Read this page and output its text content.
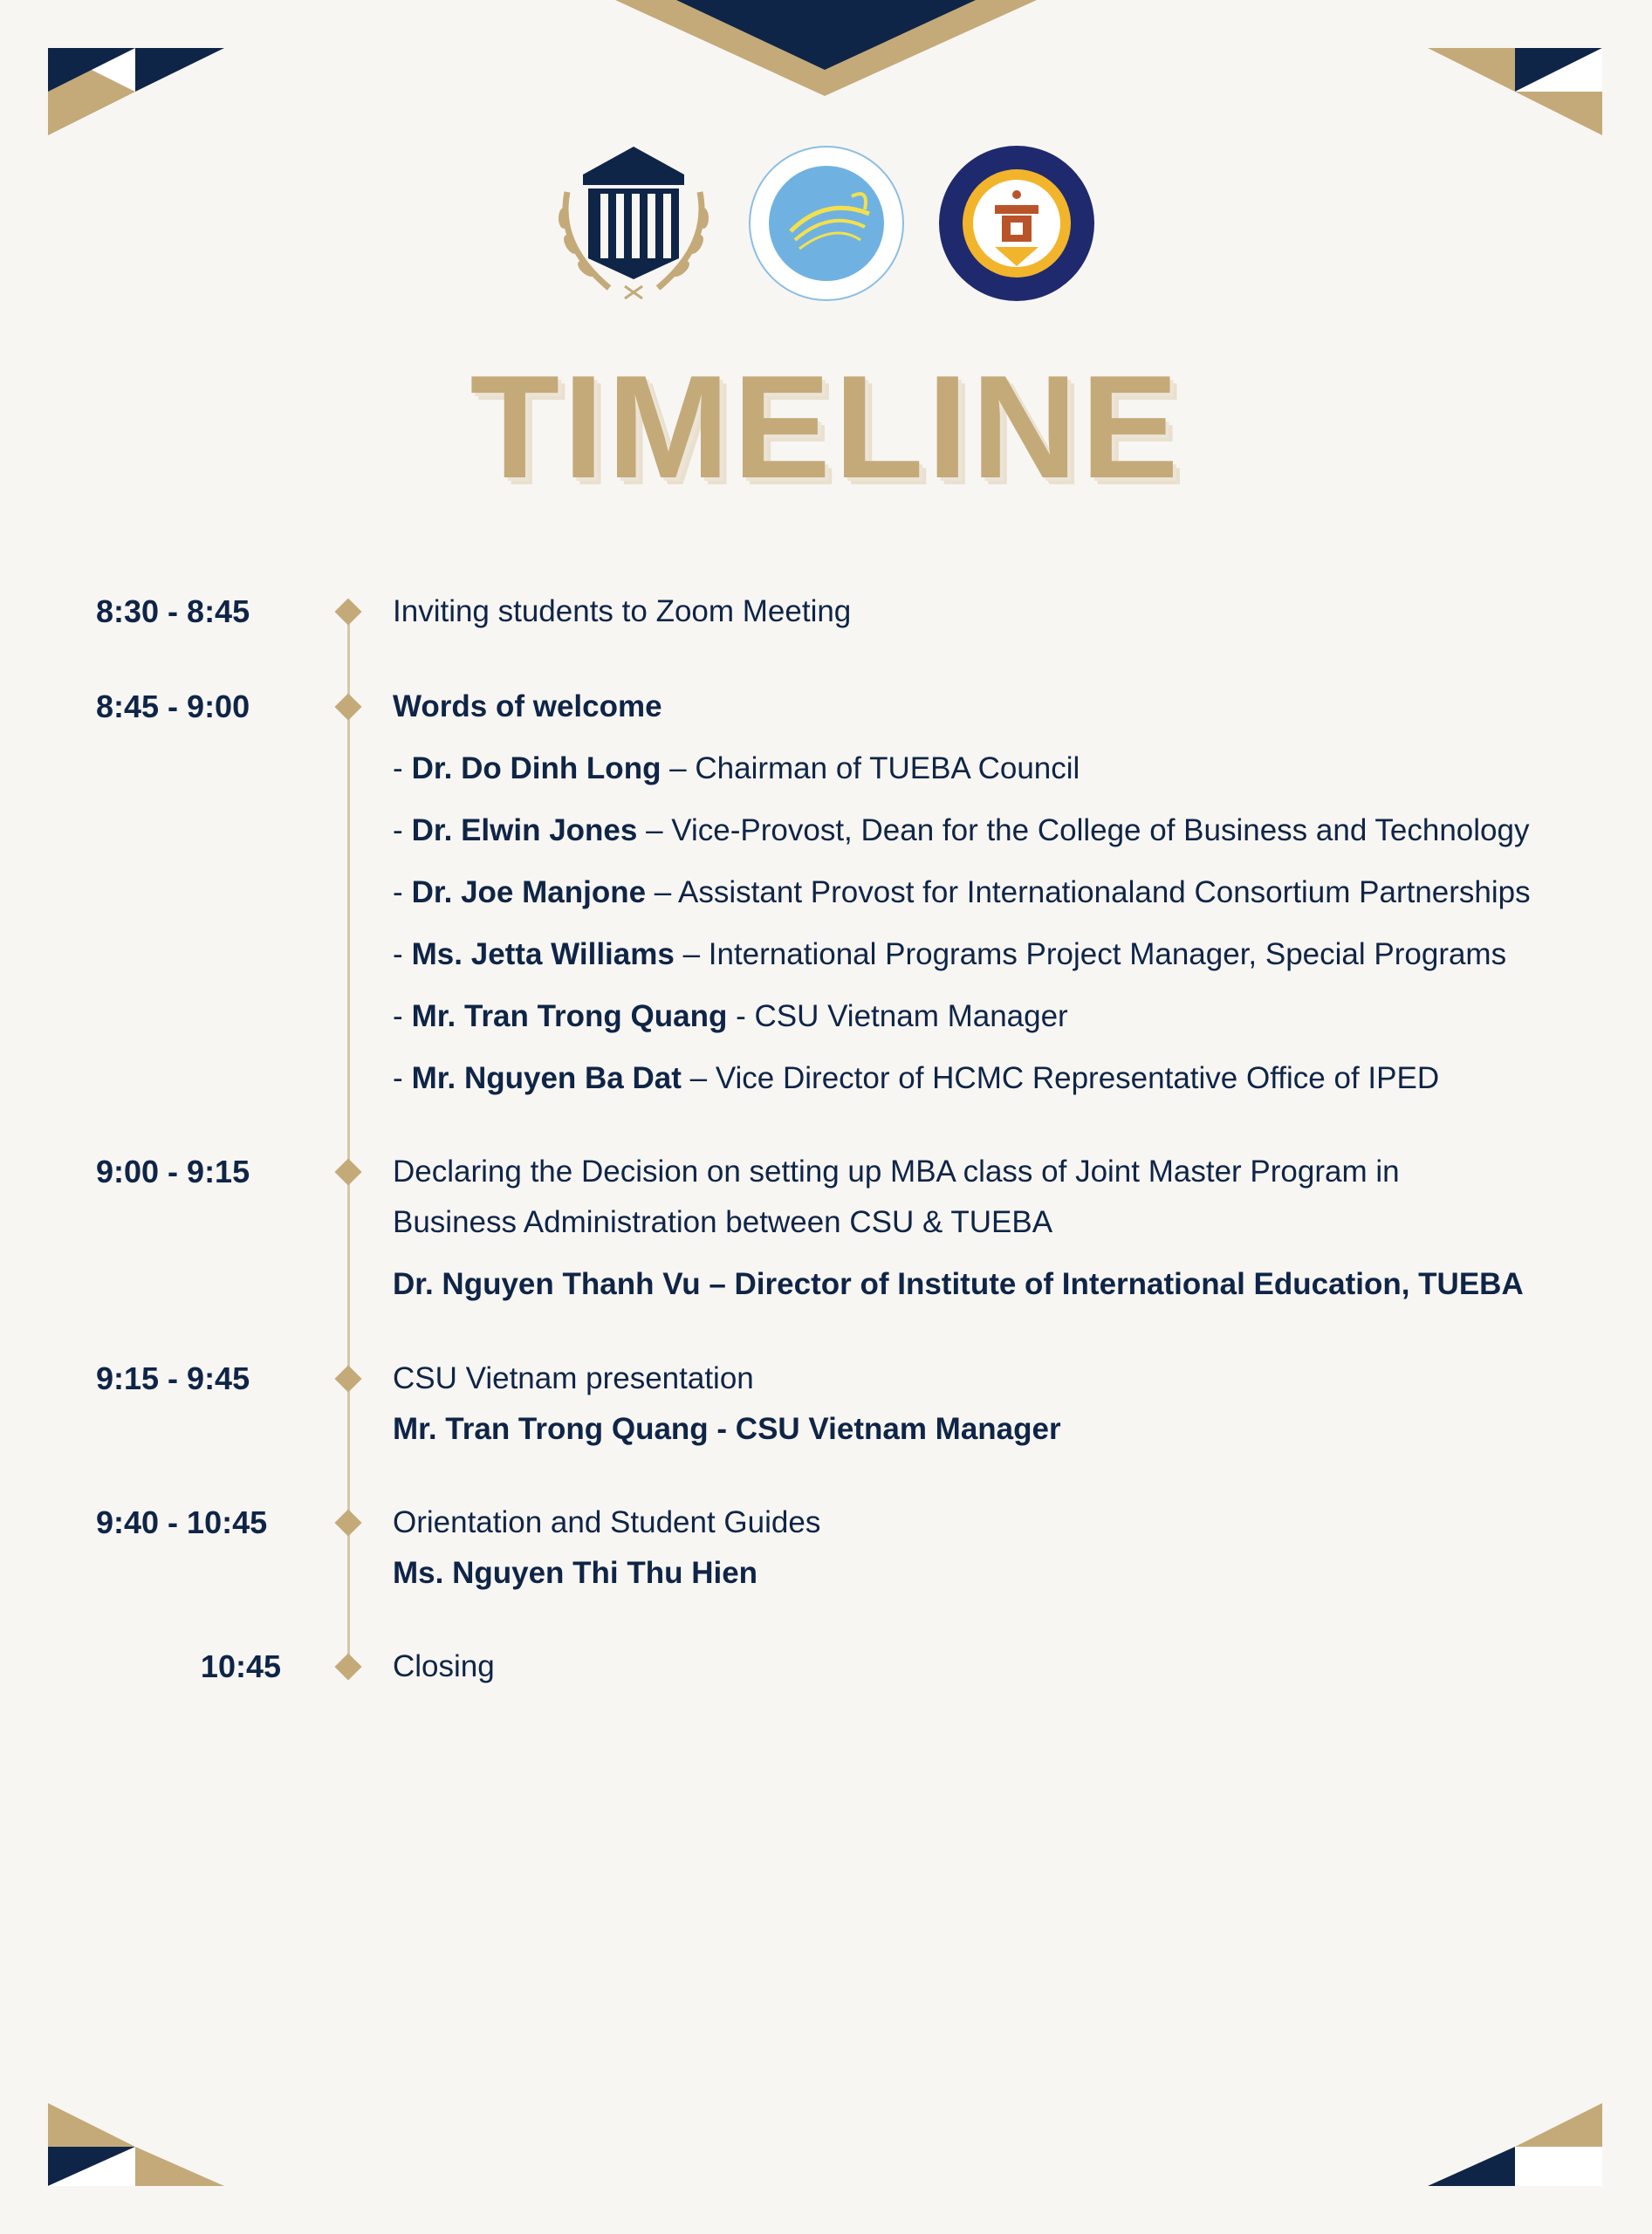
TIMELINE
8:30 - 8:45	Inviting students to Zoom Meeting
8:45 - 9:00	Words of welcome
- Dr. Do Dinh Long – Chairman of TUEBA Council
- Dr. Elwin Jones – Vice-Provost, Dean for the College of Business and Technology
- Dr. Joe Manjone – Assistant Provost for Internationaland Consortium Partnerships
- Ms. Jetta Williams – International Programs Project Manager, Special Programs
- Mr. Tran Trong Quang - CSU Vietnam Manager
- Mr. Nguyen Ba Dat – Vice Director of HCMC Representative Office of IPED
9:00 - 9:15	Declaring the Decision on setting up MBA class of Joint Master Program in
Business Administration between CSU & TUEBA
Dr. Nguyen Thanh Vu – Director of Institute of International Education, TUEBA
9:15 - 9:45	CSU Vietnam presentation
Mr. Tran Trong Quang - CSU Vietnam Manager
9:40 - 10:45	Orientation and Student Guides
Ms. Nguyen Thi Thu Hien
10:45	Closing
